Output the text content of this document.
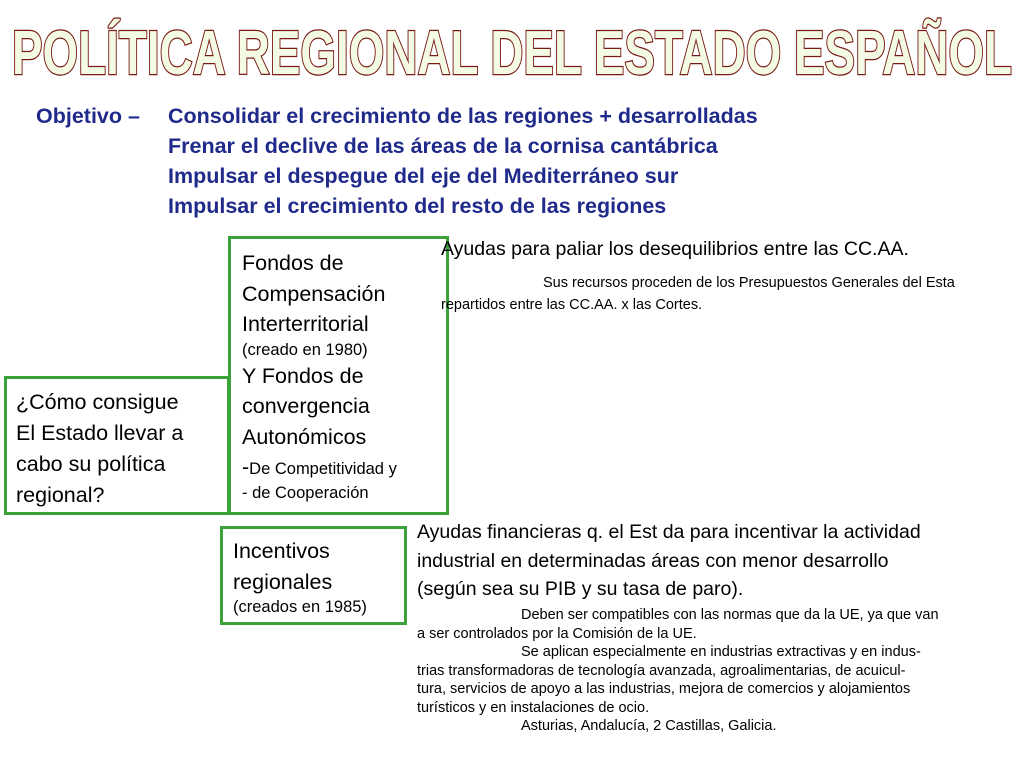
POLÍTICA REGIONAL DEL ESTADO ESPAÑOL
Objetivo –	Consolidar el crecimiento de las regiones + desarrolladas
Frenar el declive de las áreas de la cornisa cantábrica
Impulsar el despegue del eje del Mediterráneo sur
Impulsar el crecimiento del resto de las regiones
¿Cómo consigue
El Estado llevar a
cabo su política
regional?
Fondos de
Compensación
Interterritorial
(creado en 1980)
Y Fondos de
convergencia
Autonómicos
-De Competitividad y
- de Cooperación
Ayudas para paliar los desequilibrios entre las CC.AA.
Sus recursos proceden de los Presupuestos Generales del Esta
repartidos entre las CC.AA. x las Cortes.
Incentivos
regionales
(creados en 1985)
Ayudas financieras q. el Est da para incentivar la actividad
industrial en determinadas áreas con menor desarrollo
(según sea su PIB y su tasa de paro).
Deben ser compatibles con las normas que da la UE, ya que van
a ser controlados por la Comisión de la UE.
Se aplican especialmente en industrias extractivas y en indus-
trias transformadoras de tecnología avanzada, agroalimentarias, de acuicul-
tura, servicios de apoyo a las industrias, mejora de comercios y alojamientos
turísticos y en instalaciones de ocio.
Asturias, Andalucía, 2 Castillas, Galicia.
